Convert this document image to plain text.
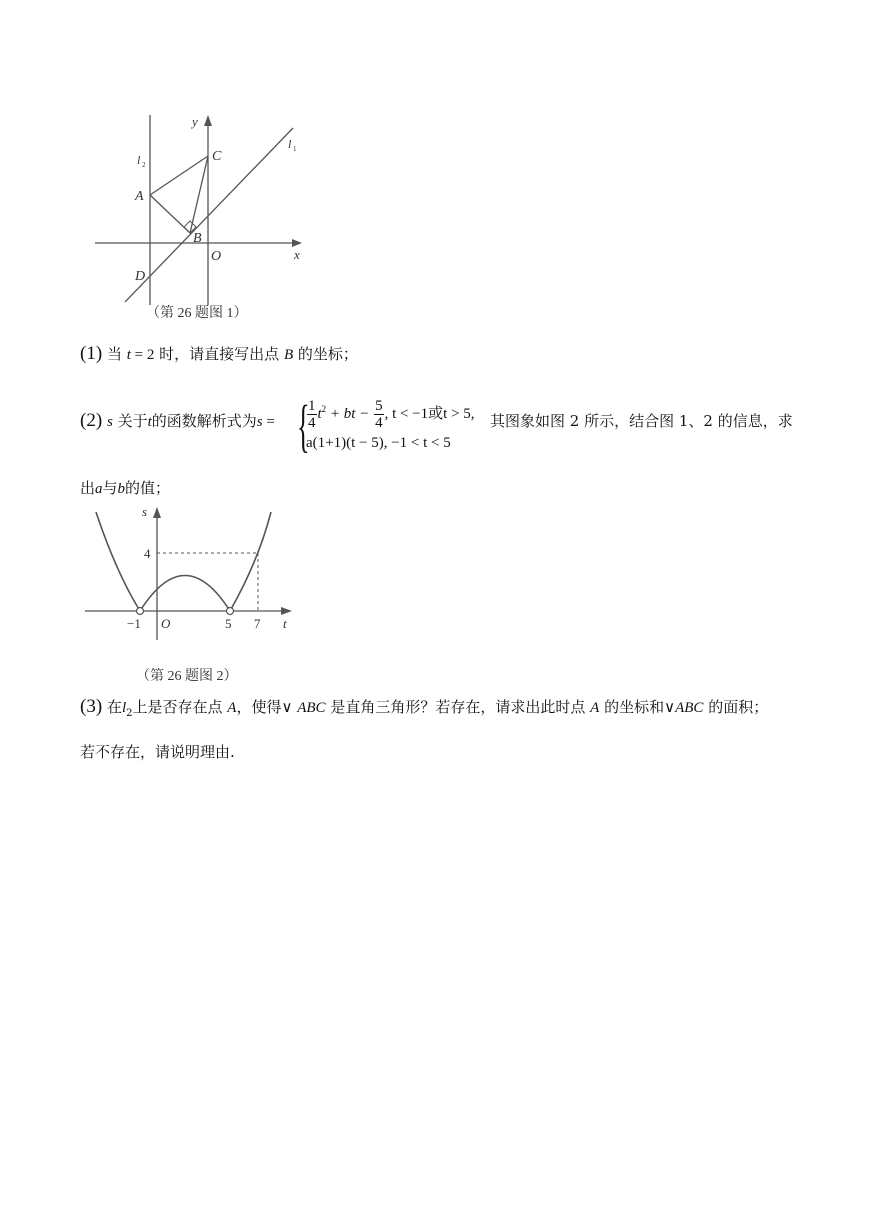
y
x
C
l 1
l 2
A
B
D
O
（第 26 题图 1）
(1) 当 t = 2 时，请直接写出点 B 的坐标；
(2) s 关于t的函数解析式为s = {
$\frac{1}{4} t^2$ + bt − $\frac{5}{4}$ , t < −1或t > 5,
a(1+1)(t − 5), −1 < t < 5
其图象如图 2 所示，结合图 1、2 的信息，求
出a与b的值；
s
t
4
−1 O	5 7
（第 26 题图 2）
(3) 在$l_2$上是否存在点 A，使得∨ ABC 是直角三角形？若存在，请求出此时点 A 的坐标和∨ABC 的面积；
若不存在，请说明理由.
